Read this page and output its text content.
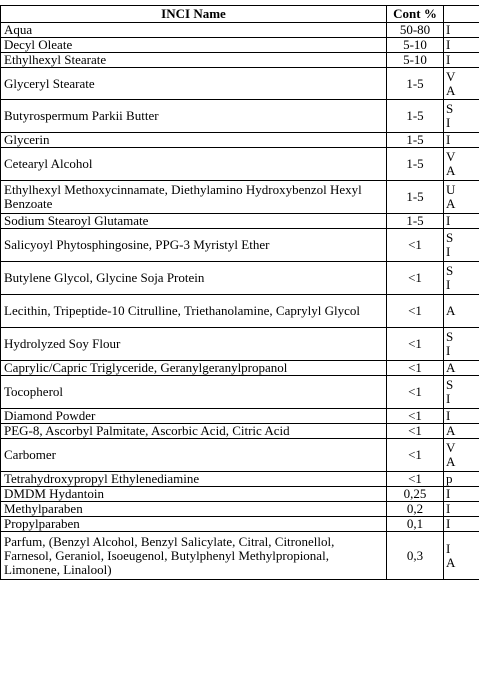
INCI Name	Cont %	
Aqua	50-80	I
Decyl Oleate	5-10	I
Ethylhexyl Stearate	5-10	I
Glyceryl Stearate	1-5	V
A
Butyrospermum Parkii Butter	1-5	S
I
Glycerin	1-5	I
Cetearyl Alcohol	1-5	V
A
Ethylhexyl Methoxycinnamate, Diethylamino Hydroxybenzol Hexyl Benzoate	1-5	U
A
Sodium Stearoyl Glutamate	1-5	I
Salicyoyl Phytosphingosine, PPG-3 Myristyl Ether	<1	S
I
Butylene Glycol, Glycine Soja Protein	<1	S
I
Lecithin, Tripeptide-10 Citrulline, Triethanolamine, Caprylyl Glycol	<1	A
Hydrolyzed Soy Flour	<1	S
I
Caprylic/Capric Triglyceride, Geranylgeranylpropanol	<1	A
Tocopherol	<1	S
I
Diamond Powder	<1	I
PEG-8, Ascorbyl Palmitate, Ascorbic Acid, Citric Acid	<1	A
Carbomer	<1	V
A
Tetrahydroxypropyl Ethylenediamine	<1	p
DMDM Hydantoin	0,25	I
Methylparaben	0,2	I
Propylparaben	0,1	I
Parfum, (Benzyl Alcohol, Benzyl Salicylate, Citral, Citronellol, Farnesol, Geraniol, Isoeugenol, Butylphenyl Methylpropional, Limonene, Linalool)	0,3	I
A
